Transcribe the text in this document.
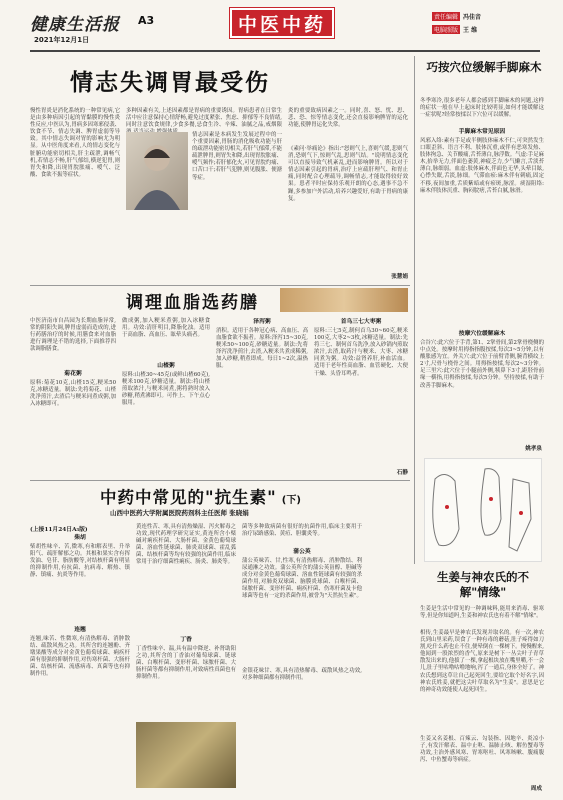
健康生活报 A3
2021年12月1日
中医中药	责任编辑 冯佳音
电脑照版 王 维
情志失调胃最受伤
慢性胃炎是消化系统的一种常见病,它是由多种病因引起的胃黏膜的慢性炎性反应,中医认为,胃病多因寒邪侵袭、饮食不节、情志失调、脾胃虚弱等导致。其中情志失调对胃的影响尤为明显。从中医角度来看,人的情志变化与脏腑功能密切相关,肝主疏泄,调畅气机,若情志不畅,肝气郁结,横逆犯胃,则胃失和降,出现胃脘胀痛、嗳气、泛酸、食欲不振等症状。
多种因素有关,上述因素都是胃病的重要诱因。胃病患者在日常生活中应注意保持心情舒畅,避免过度紧张、焦虑、抑郁等不良情绪,同时注意饮食规律,少食多餐,忌食生冷、辛辣、油腻之品,戒烟限
情志因素是本病发生发展过程中的一个重要因素,胃肠的消化吸收功能与肝的疏泄功能密切相关,若肝气郁滞,不能疏泄脾胃,则胃失和降,出现胃脘胀痛、嗳气频作;若肝郁化火,可见胃脘灼痛、口苦口干;若肝气犯脾,则见腹胀、便溏等症。
炎的重要致病因素之一。同时,喜、怒、忧、思、悲、恐、惊等情志变化,还会直接影响脾胃的运化功能,使脾胃运化失常。
《素问·举痛论》指出:"怒则气上,喜则气缓,悲则气消,恐则气下,惊则气乱,思则气结。"说明情志变化可以直接导致气机紊乱,进而影响脾胃。所以对于情志因素引起的胃病,治疗上应疏肝理气、和胃止痛,同时配合心理疏导,调畅情志,才能取得较好效果。患者平时应保持乐观开朗的心态,遇事不急不躁,多参加户外活动,培养兴趣爱好,有助于胃病的康复。
张慧娟
调理血脂选药膳
中医济南市自昌园为长期血脂异常,常的阴阳失调,脾胃虚弱而造成的,进行药膳治疗的时候,用膳食来对血脂进行调理是不错的选择,下面推荐四款调脂膳食。
菊花粥
原料:菊花10克,山楂15克,粳米50克,冰糖适量。制法:先将菊花、山楂洗净煎汁,去渣后与粳米同煮成粥,加入冰糖即可。
做成粥,加入粳米煮粥,加入冰糖食用。功效:清肝明目,降脂化浊。适用于高血脂、高血压、眩晕头痛者。
山楂粥
原料:山楂30~45克(或鲜山楂60克),粳米100克,砂糖适量。制法:将山楂煎取浓汁,与粳米同煮,粥将熟时放入砂糖,稍煮沸即可。可作上、下午点心服用。
泽泻粥
消积。适用于各种冠心病、高血压、高血脂食欲不振者。原料:泽泻15~30克,粳米50~100克,砂糖适量。制法:先将泽泻洗净煎汁,去渣,入粳米共煮成稀粥,加入砂糖,稍煮即成。每日1~2次,温热服。
首乌三七大枣粥
原料:三七5克,制何首乌30~60克,粳米100克,大枣2~3枚,冰糖适量。制法:先将三七、制何首乌洗净,放入砂锅内煎取浓汁,去渣,取药汁与粳米、大枣、冰糖同煮为粥。功效:益肾养肝,补血活血。适用于老年性高血脂、血管硬化、大便干燥、头昏耳鸣者。
石静
巧按穴位缓解手脚麻木
冬季寒冷,很多老年人都会感到手脚麻木的问题,这样的症状一般在早上起床时比较明显,如何才能缓解这一症状呢?经常按揉以下穴位可以缓解。
手脚麻木常见原因
风邪入络:素有手足或半侧肢体麻木不仁,可突然发生口眼歪斜、语言不利、肢体沉重,或伴有恶寒发热、肢体拘急、关节酸痛,舌苔薄白,脉浮数。气虚:手足麻木,抬举无力,伴面色萎黄,神疲乏力,少气懒言,舌淡苔薄白,脉细弱。血虚:肢体麻木,伴面色无华,头晕目眩,心悸失眠,舌淡,脉细。气滞血瘀:麻木伴有刺痛,固定不移,夜间加重,舌质紫暗或有瘀斑,脉涩。痰湿阻络:麻木伴肢体沉重、胸闷脘痞,舌苔白腻,脉滑。
按摩穴位缓解麻木
合谷穴:此穴位于手背,第1、2掌骨间,第2掌骨桡侧的中点处。按摩时用拇指指腹按揉,每次3~5分钟,以有酸胀感为宜。外关穴:此穴位于前臂背侧,腕背横纹上2寸,尺骨与桡骨之间。用拇指按揉,每次2~3分钟。足三里穴:此穴位于小腿前外侧,犊鼻下3寸,距胫骨前缘一横指,用拇指按揉,每次5分钟。坚持按揉,有助于改善手脚麻木。
姚孝泉
中药中常见的"抗生素" (下)
山西中医药大学附属医院药剂科主任医师 张晓娟
(上接11月24日A₃版)
柴胡
柴胡性味辛、苦,微寒,有和解表里、升举阳气、疏肝解郁之功。其根和果实含有挥发油、皂苷、脂肪酸等,对结核杆菌有明显的抑制作用,有抗菌、抗病毒、解热、镇静、镇痛、抗炎等作用。
连翘
连翘,味苦、性微寒,有清热解毒、消肿散结、疏散风热之功。其所含的连翘酚、齐墩果酸等成分对金黄色葡萄球菌、痢疾杆菌有很强的抑制作用,对伤寒杆菌、大肠杆菌、结核杆菌、流感病毒、真菌等也有抑制作用。
黄连性苦、寒,具有清热燥湿、泻火解毒之功效,现代药理学研究证实,黄连所含小檗碱对痢疾杆菌、大肠杆菌、金黄色葡萄球菌、溶血性链球菌、肺炎双球菌、霍乱弧菌、结核杆菌等均有较强的抗菌作用,临床常用于治疗细菌性痢疾、肠炎、肺炎等。
丁香
丁香性味辛、温,具有温中降逆、补肾助阳之功,其所含的丁香油对葡萄球菌、链球菌、白喉杆菌、变形杆菌、绿脓杆菌、大肠杆菌等都有抑制作用,对致病性真菌也有抑制作用。
菌等多种致病菌有很好的抗菌作用,临床主要用于治疗尿路感染、黄疸、胆囊炎等。
蒲公英
蒲公英味苦、甘,性寒,有清热解毒、消肿散结、利尿通淋之功效。蒲公英所含的蒲公英甾醇、胆碱等成分对金黄色葡萄球菌、溶血性链球菌有较强的杀菌作用,对肺炎双球菌、脑膜炎球菌、白喉杆菌、绿脓杆菌、变形杆菌、痢疾杆菌、伤寒杆菌及卡他球菌等也有一定的杀菌作用,被誉为"天然抗生素"。
金银花味甘、寒,具有清热解毒、疏散风热之功效,对多种细菌都有抑制作用。
生姜与神农氏的不解"情缘"
生姜是生活中常见的一种调味料,能用来消毒、驱寒等,但是你知道吗,生姜和神农氏也有着不解"情缘"。
相传,生姜最早是神农氏发现并取名的。有一次,神农氏到山里采药,误食了一种有毒的蘑菇,肚子疼得如刀割,吃什么药也止不住,便晕倒在一棵树下。慢慢醒来,他闻到一股浓烈的香气,原来是树下一丛尖叶子青草散发出来的,他拔了一棵,拿起根块放在嘴里嚼,不一会儿,肚子里咕噜咕噜地响,泻了一通后,身体全好了。神农氏想到这草让自己起死回生,要给它取个好名字,因神农氏姓姜,就把这尖叶草取名为"生姜"。意思是它的神奇功效能使人起死回生。
生姜又名姜根、百辣云、勾装指、因地辛、炎凉小子,有发汗解表、温中止呕、温肺止咳、解鱼蟹毒等功效,主治外感风寒、胃寒呕吐、风寒咳嗽、腹痛腹泻、中鱼蟹毒等病症。
周成
